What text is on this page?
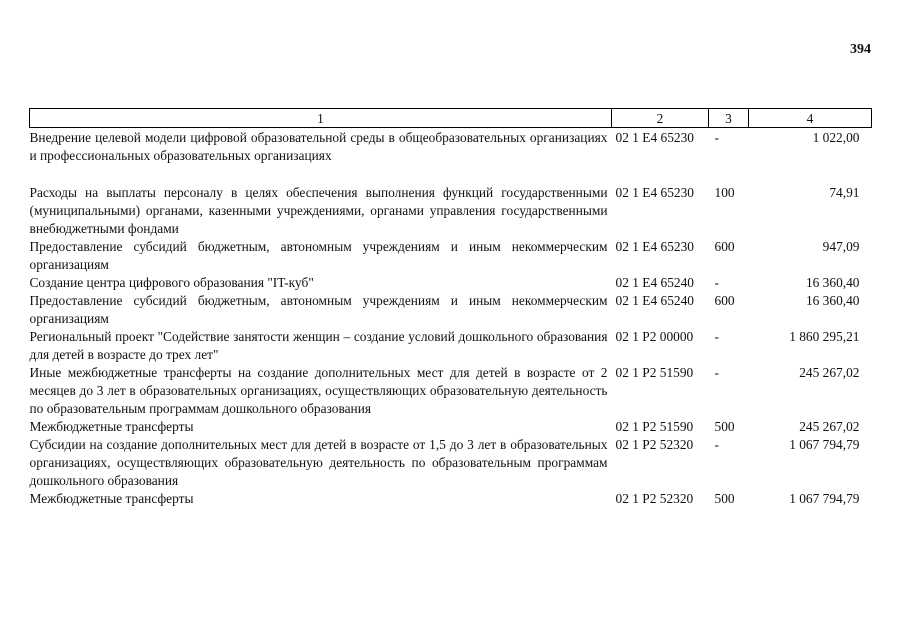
394
1	2	3	4
Внедрение целевой модели цифровой образовательной среды в общеобразовательных организациях и профессиональных образовательных организациях	02 1 E4 65230	-	1 022,00
Расходы на выплаты персоналу в целях обеспечения выполнения функций государственными (муниципальными) органами, казенными учреждениями, органами управления государственными внебюджетными фондами	02 1 E4 65230	100	74,91
Предоставление субсидий бюджетным, автономным учреждениям и иным некоммерческим организациям	02 1 E4 65230	600	947,09
Создание центра цифрового образования "IT-куб"	02 1 E4 65240	-	16 360,40
Предоставление субсидий бюджетным, автономным учреждениям и иным некоммерческим организациям	02 1 E4 65240	600	16 360,40
Региональный проект "Содействие занятости женщин – создание условий дошкольного образования для детей в возрасте до трех лет"	02 1 P2 00000	-	1 860 295,21
Иные межбюджетные трансферты на создание дополнительных мест для детей в возрасте от 2 месяцев до 3 лет в образовательных организациях, осуществляющих образовательную деятельность по образовательным программам дошкольного образования	02 1 P2 51590	-	245 267,02
Межбюджетные трансферты	02 1 P2 51590	500	245 267,02
Субсидии на создание дополнительных мест для детей в возрасте от 1,5 до 3 лет в образовательных организациях, осуществляющих образовательную деятельность по образовательным программам дошкольного образования	02 1 P2 52320	-	1 067 794,79
Межбюджетные трансферты	02 1 P2 52320	500	1 067 794,79
